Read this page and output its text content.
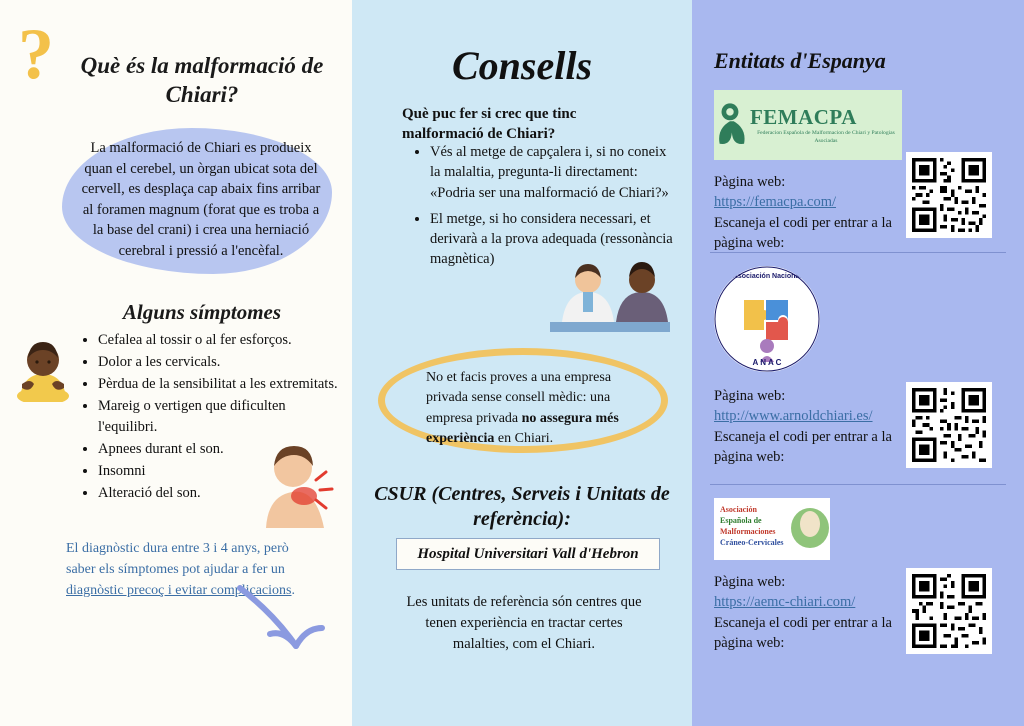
?	Què és la malformació de Chiari?
La malformació de Chiari es produeix quan el cerebel, un òrgan ubicat sota del cervell, es desplaça cap abaix fins arribar al foramen magnum (forat que es troba a la base del crani) i crea una herniació cerebral i pressió a l'encèfal.
Alguns símptomes
• Cefalea al tossir o al fer esforços.
• Dolor a les cervicals.
• Pèrdua de la sensibilitat a les extremitats.
• Mareig o vertigen que dificulten l'equilibri.
• Apnees durant el son.
• Insomni
• Alteració del son.
El diagnòstic dura entre 3 i 4 anys, però saber els símptomes pot ajudar a fer un diagnòstic precoç i evitar complicacions.
Consells
Què puc fer si crec que tinc malformació de Chiari?
• Vés al metge de capçalera i, si no coneix la malaltia, pregunta-li directament: «Podria ser una malformació de Chiari?»
• El metge, si ho considera necessari, et derivarà a la prova adequada (ressonància magnètica)
No et facis proves a una empresa privada sense consell mèdic: una empresa privada no assegura més experiència en Chiari.
CSUR (Centres, Serveis i Unitats de referència):
Hospital Universitari Vall d'Hebron
Les unitats de referència són centres que tenen experiència en tractar certes malalties, com el Chiari.
Entitats d'Espanya
FEMACPA
Federacion Española de Malformacion de Chiari y Patologias Asociadas
Pàgina web:
https://femacpa.com/
Escaneja el codi per entrar a la pàgina web:
A N A C
Asociación Nacional
Pàgina web:
http://www.arnoldchiari.es/
Escaneja el codi per entrar a la pàgina web:
Asociación
Española de
Malformaciones
Cráneo-Cervicales
Pàgina web:
https://aemc-chiari.com/
Escaneja el codi per entrar a la pàgina web:
